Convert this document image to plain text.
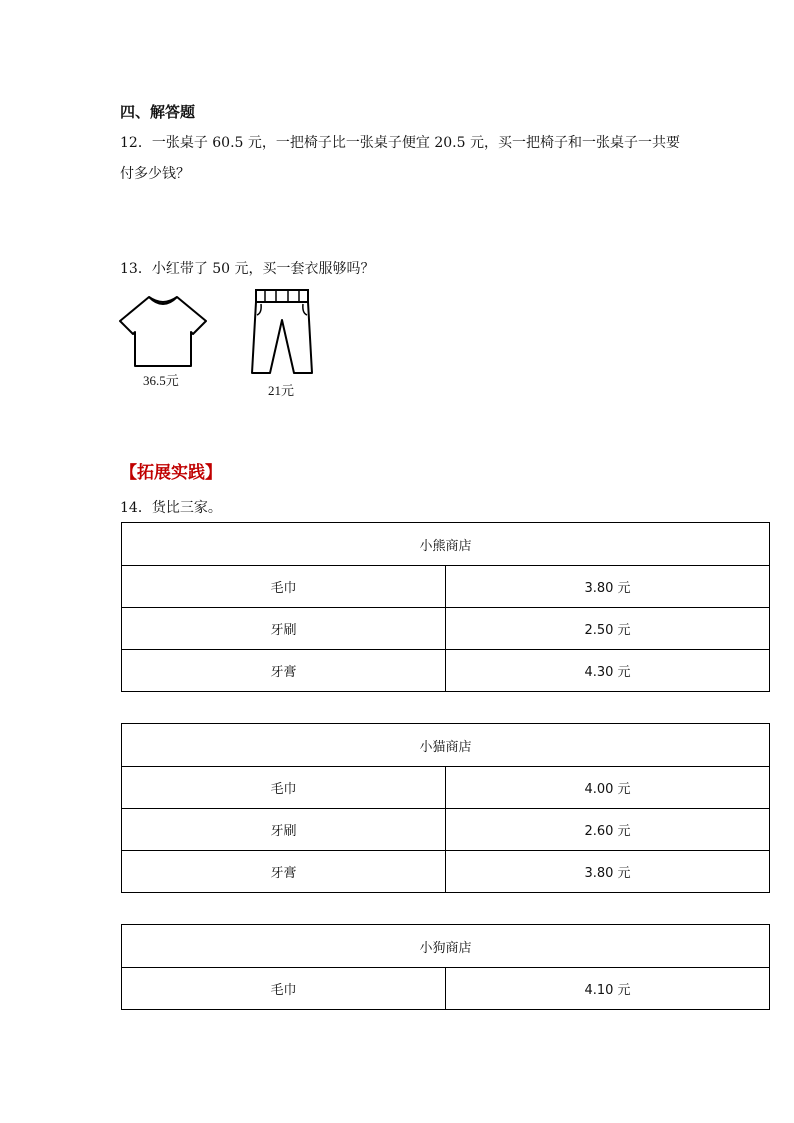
四、解答题
12．一张桌子 60.5 元，一把椅子比一张桌子便宜 20.5 元，买一把椅子和一张桌子一共要
付多少钱？
13．小红带了 50 元，买一套衣服够吗？
36.5元
21元
【拓展实践】
14．货比三家。
小熊商店	
毛巾	3.80 元
牙刷	2.50 元
牙膏	4.30 元
小猫商店	
毛巾	4.00 元
牙刷	2.60 元
牙膏	3.80 元
小狗商店
毛巾	4.10 元
